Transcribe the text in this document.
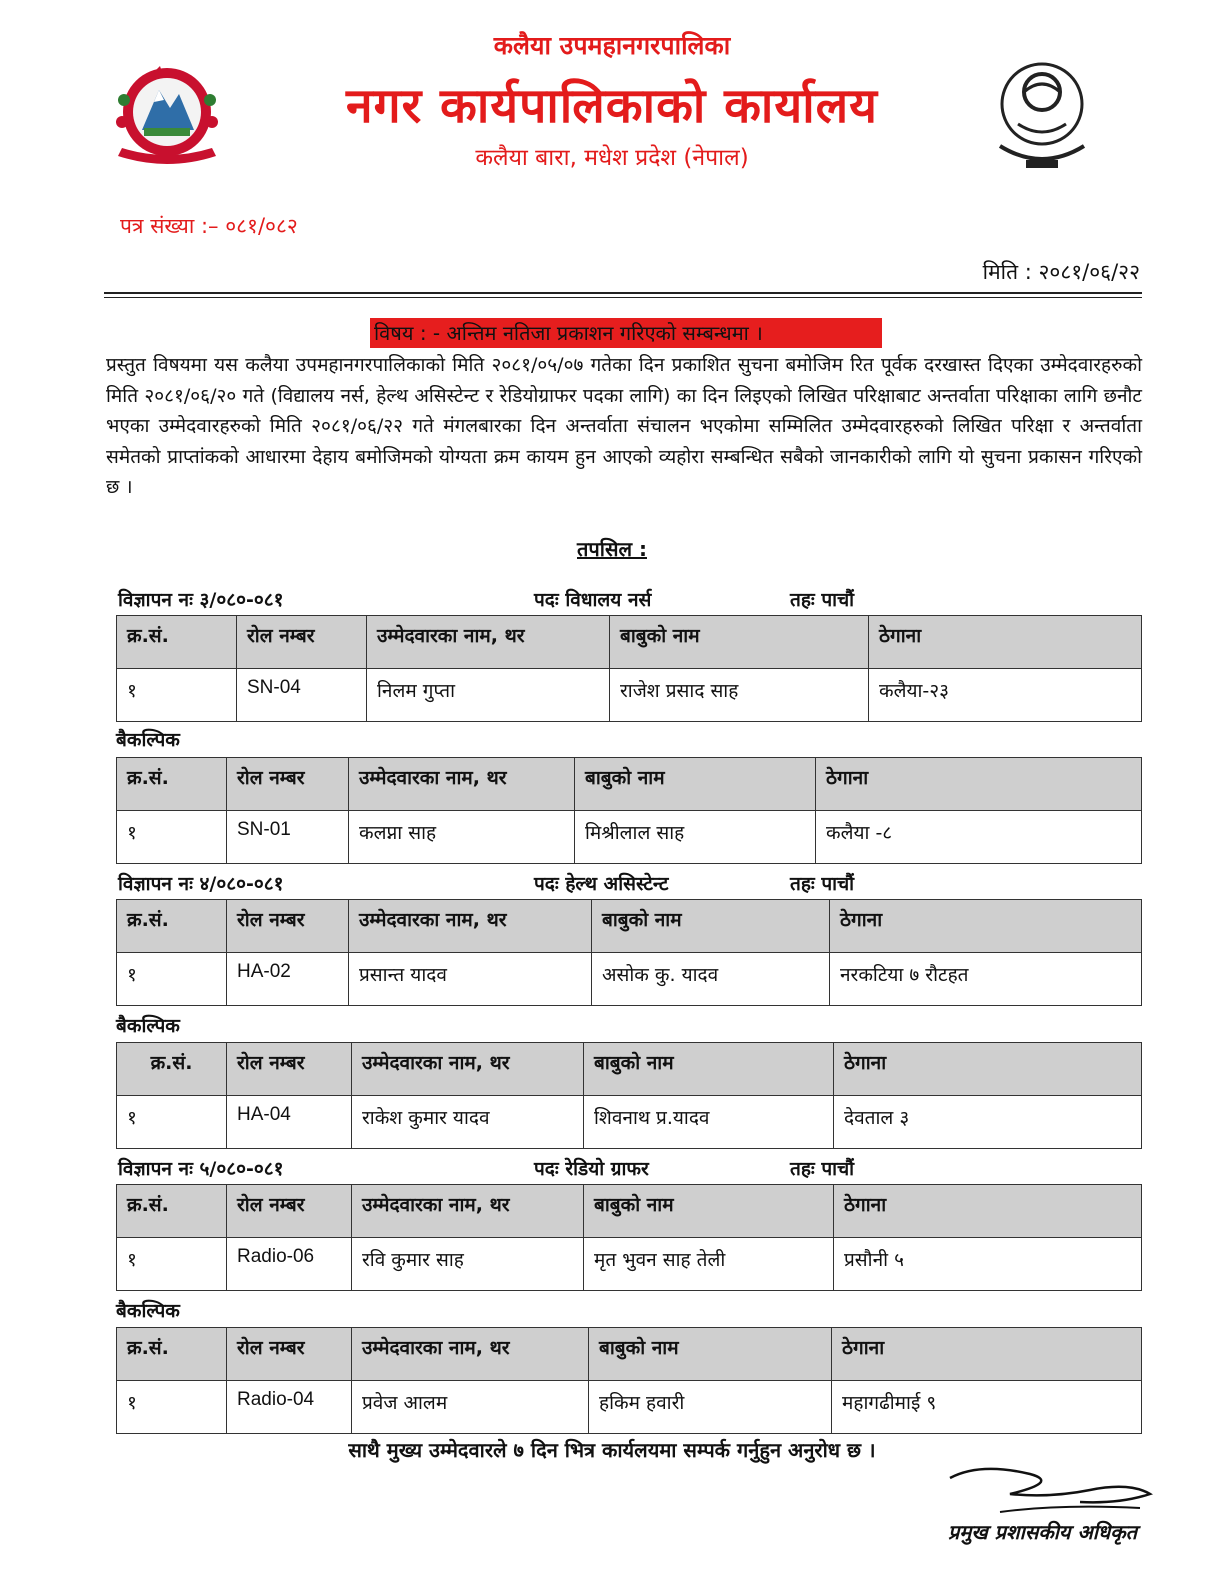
कलैया उपमहानगरपालिका
नगर कार्यपालिकाको कार्यालय
कलैया बारा, मधेश प्रदेश (नेपाल)
पत्र संख्या :– ०८१/०८२
मिति : २०८१/०६/२२
विषय : - अन्तिम नतिजा प्रकाशन गरिएको सम्बन्धमा ।
प्रस्तुत विषयमा यस कलैया उपमहानगरपालिकाको मिति २०८१/०५/०७ गतेका दिन प्रकाशित सुचना बमोजिम रित पूर्वक दरखास्त दिएका उम्मेदवारहरुको मिति २०८१/०६/२० गते (विद्यालय नर्स, हेल्थ असिस्टेन्ट र रेडियोग्राफर पदका लागि) का दिन लिइएको लिखित परिक्षाबाट अन्तर्वाता परिक्षाका लागि छनौट भएका उम्मेदवारहरुको मिति २०८१/०६/२२ गते मंगलबारका दिन अन्तर्वाता संचालन भएकोमा सम्मिलित उम्मेदवारहरुको लिखित परिक्षा र अन्तर्वाता समेतको प्राप्तांकको आधारमा देहाय बमोजिमको योग्यता क्रम कायम हुन आएको व्यहोरा सम्बन्धित सबैको जानकारीको लागि यो सुचना प्रकासन गरिएको छ ।
तपसिल :
विज्ञापन नः ३/०८०-०८१	पदः विधालय नर्स	तहः पाचौं
क्र.सं.	रोल नम्बर	उम्मेदवारका नाम, थर	बाबुको नाम	ठेगाना
१	SN-04	निलम गुप्ता	राजेश प्रसाद साह	कलैया-२३
बैकल्पिक
क्र.सं.	रोल नम्बर	उम्मेदवारका नाम, थर	बाबुको नाम	ठेगाना
१	SN-01	कलप्ना साह	मिश्रीलाल साह	कलैया -८
विज्ञापन नः ४/०८०-०८१	पदः हेल्थ असिस्टेन्ट	तहः पाचौं
क्र.सं.	रोल नम्बर	उम्मेदवारका नाम, थर	बाबुको नाम	ठेगाना
१	HA-02	प्रसान्त यादव	असोक कु. यादव	नरकटिया ७ रौटहत
बैकल्पिक
क्र.सं.	रोल नम्बर	उम्मेदवारका नाम, थर	बाबुको नाम	ठेगाना
१	HA-04	राकेश कुमार यादव	शिवनाथ प्र.यादव	देवताल ३
विज्ञापन नः ५/०८०-०८१	पदः रेडियो ग्राफर	तहः पाचौं
क्र.सं.	रोल नम्बर	उम्मेदवारका नाम, थर	बाबुको नाम	ठेगाना
१	Radio-06	रवि कुमार साह	मृत भुवन साह तेली	प्रसौनी ५
बैकल्पिक
क्र.सं.	रोल नम्बर	उम्मेदवारका नाम, थर	बाबुको नाम	ठेगाना
१	Radio-04	प्रवेज आलम	हकिम हवारी	महागढीमाई ९
साथै मुख्य उम्मेदवारले ७ दिन भित्र कार्यलयमा सम्पर्क गर्नुहुन अनुरोध छ ।
प्रमुख प्रशासकीय अधिकृत
